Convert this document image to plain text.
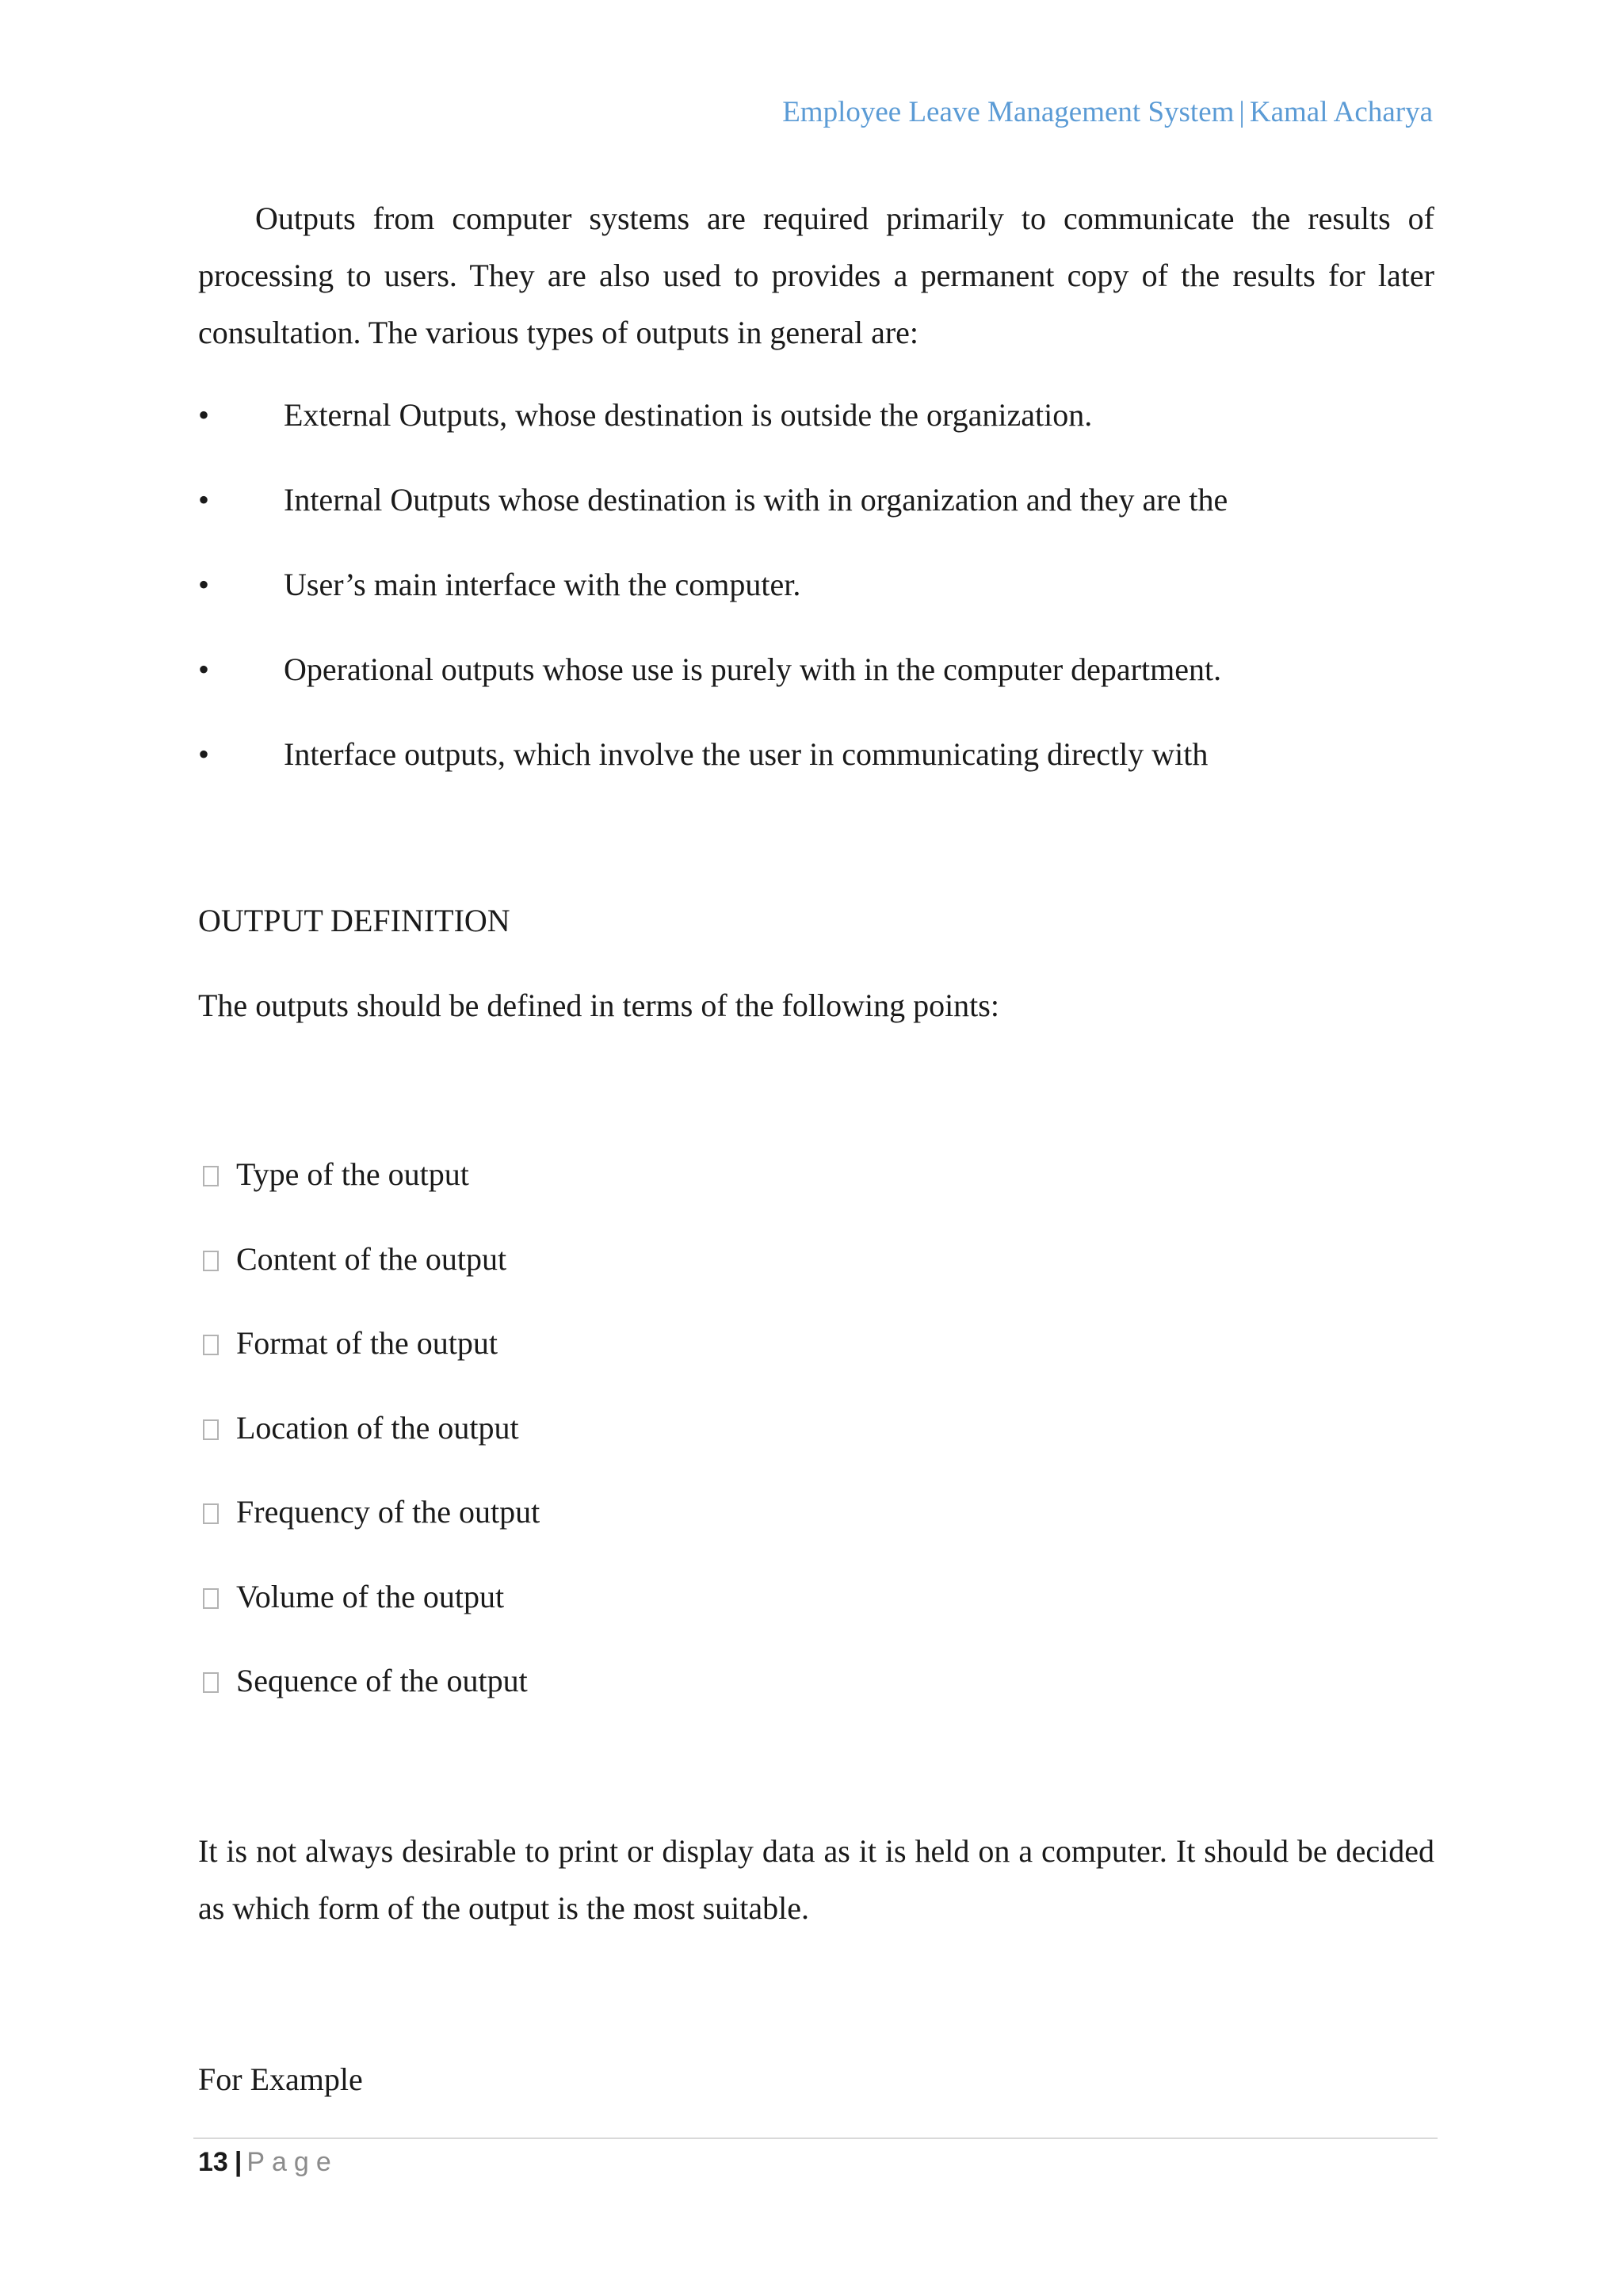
Employee Leave Management System | Kamal Acharya

Outputs from computer systems are required primarily to communicate the results of processing to users. They are also used to provides a permanent copy of the results for later consultation. The various types of outputs in general are:

•	External Outputs, whose destination is outside the organization.
•	Internal Outputs whose destination is with in organization and they are the
•	User’s main interface with the computer.
•	Operational outputs whose use is purely with in the computer department.
•	Interface outputs, which involve the user in communicating directly with
OUTPUT DEFINITION

The outputs should be defined in terms of the following points:

Type of the output
Content of the output
Format of the output
Location of the output
Frequency of the output
Volume of the output
Sequence of the output

It is not always desirable to print or display data as it is held on a computer. It should be decided as which form of the output is the most suitable.

For Example

13 | Page
